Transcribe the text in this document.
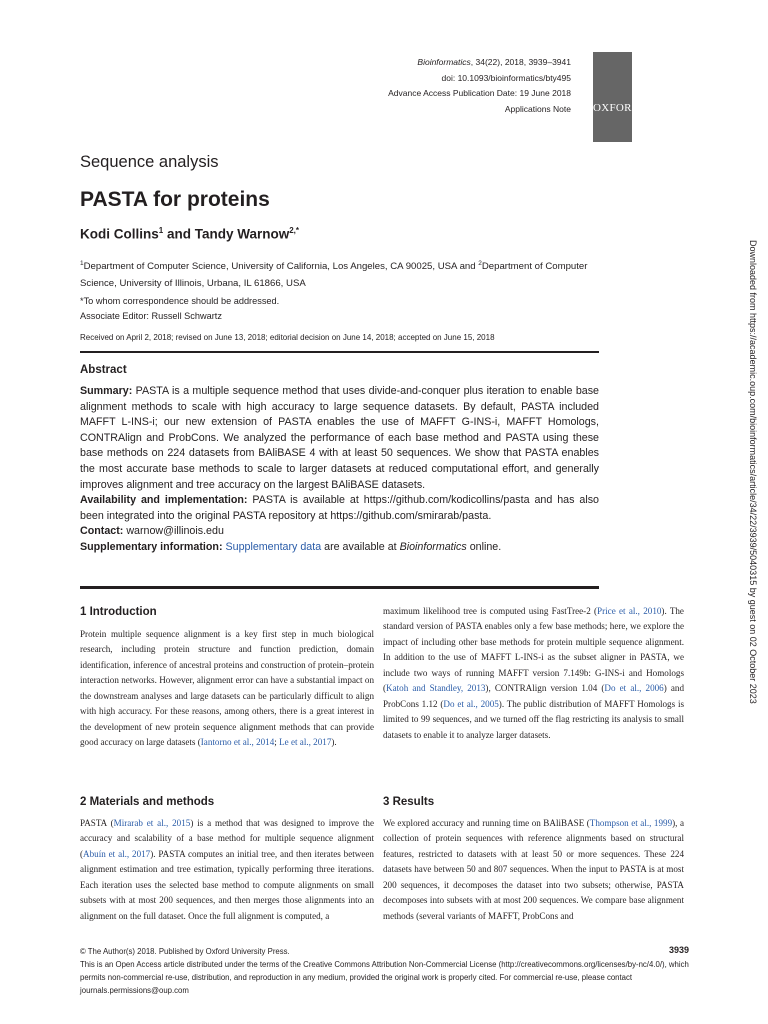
Bioinformatics, 34(22), 2018, 3939–3941
doi: 10.1093/bioinformatics/bty495
Advance Access Publication Date: 19 June 2018
Applications Note OXFORD
Sequence analysis
PASTA for proteins
Kodi Collins$^1$ and Tandy Warnow$^{2,*}$
$^1$Department of Computer Science, University of California, Los Angeles, CA 90025, USA and $^2$Department of Computer Science, University of Illinois, Urbana, IL 61866, USA
*To whom correspondence should be addressed.
Associate Editor: Russell Schwartz
Received on April 2, 2018; revised on June 13, 2018; editorial decision on June 14, 2018; accepted on June 15, 2018
Abstract

Summary: PASTA is a multiple sequence method that uses divide-and-conquer plus iteration to enable base alignment methods to scale with high accuracy to large sequence datasets. By default, PASTA included MAFFT L-INS-i; our new extension of PASTA enables the use of MAFFT G-INS-i, MAFFT Homologs, CONTRAlign and ProbCons. We analyzed the performance of each base method and PASTA using these base methods on 224 datasets from BAliBASE 4 with at least 50 sequences. We show that PASTA enables the most accurate base methods to scale to larger datasets at reduced computational effort, and generally improves alignment and tree accuracy on the largest BAliBASE datasets.

Availability and implementation: PASTA is available at https://github.com/kodicollins/pasta and has also been integrated into the original PASTA repository at https://github.com/smirarab/pasta.

Contact: warnow@illinois.edu

Supplementary information: Supplementary data are available at Bioinformatics online.

1 Introduction
Protein multiple sequence alignment is a key first step in much biological research, including protein structure and function prediction, domain identification, inference of ancestral proteins and construction of protein–protein interaction networks. However, alignment error can have a substantial impact on the downstream analyses and large datasets can be particularly difficult to align with high accuracy. For these reasons, among others, there is a great interest in the development of new protein sequence alignment methods that can provide good accuracy on large datasets (Iantorno et al., 2014; Le et al., 2017).
maximum likelihood tree is computed using FastTree-2 (Price et al., 2010). The standard version of PASTA enables only a few base methods; here, we explore the impact of including other base methods for protein multiple sequence alignment. In addition to the use of MAFFT L-INS-i as the subset aligner in PASTA, we include two ways of running MAFFT version 7.149b: G-INS-i and Homologs (Katoh and Standley, 2013), CONTRAlign version 1.04 (Do et al., 2006) and ProbCons 1.12 (Do et al., 2005). The public distribution of MAFFT Homologs is limited to 99 sequences, and we turned off the flag restricting its analysis to small datasets to enable it to analyze larger datasets.
2 Materials and methods
PASTA (Mirarab et al., 2015) is a method that was designed to improve the accuracy and scalability of a base method for multiple sequence alignment (Abuín et al., 2017). PASTA computes an initial tree, and then iterates between alignment estimation and tree estimation, typically performing three iterations. Each iteration uses the selected base method to compute alignments on small subsets with at most 200 sequences, and then merges those alignments into an alignment on the full dataset. Once the full alignment is computed, a
3 Results
We explored accuracy and running time on BAliBASE (Thompson et al., 1999), a collection of protein sequences with reference alignments based on structural features, restricted to datasets with at least 50 or more sequences. These 224 datasets have between 50 and 807 sequences. When the input to PASTA is at most 200 sequences, it decomposes the dataset into two subsets; otherwise, PASTA decomposes into subsets with at most 200 sequences. We compare base alignment methods (several variants of MAFFT, ProbCons and

© The Author(s) 2018. Published by Oxford University Press.

This is an Open Access article distributed under the terms of the Creative Commons Attribution Non-Commercial License (http://creativecommons.org/licenses/by-nc/4.0/), which permits non-commercial re-use, distribution, and reproduction in any medium, provided the original work is properly cited. For commercial re-use, please contact journals.permissions@oup.com

3939
Downloaded from https://academic.oup.com/bioinformatics/article/34/22/3939/5040315 by guest on 02 October 2023
